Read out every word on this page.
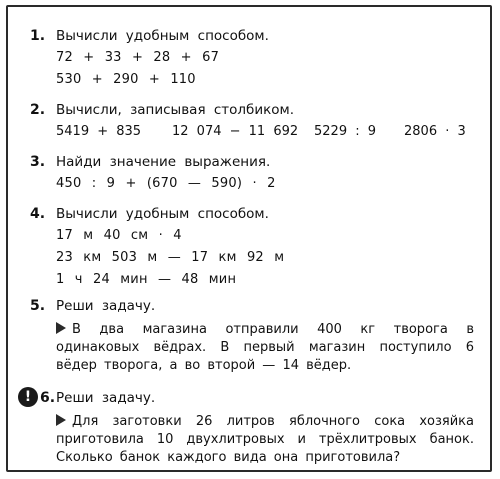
1. Вычисли удобным способом.
72 + 33 + 28 + 67
530 + 290 + 110
2. Вычисли, записывая столбиком.
5419 + 835 12 074 − 11 692 5229 : 9 2806 · 3
3. Найди значение выражения.
450 : 9 + (670 — 590) · 2
4. Вычисли удобным способом.
17 м 40 см · 4
23 км 503 м — 17 км 92 м
1 ч 24 мин — 48 мин
5. Реши задачу.
В два магазина отправили 400 кг творога в одинаковых вёдрах. В первый магазин поступило 6 вёдер творога, а во второй — 14 вёдер.
! 6. Реши задачу.
Для заготовки 26 литров яблочного сока хозяйка приготовила 10 двухлитровых и трёхлитровых банок. Сколько банок каждого вида она приготовила?
